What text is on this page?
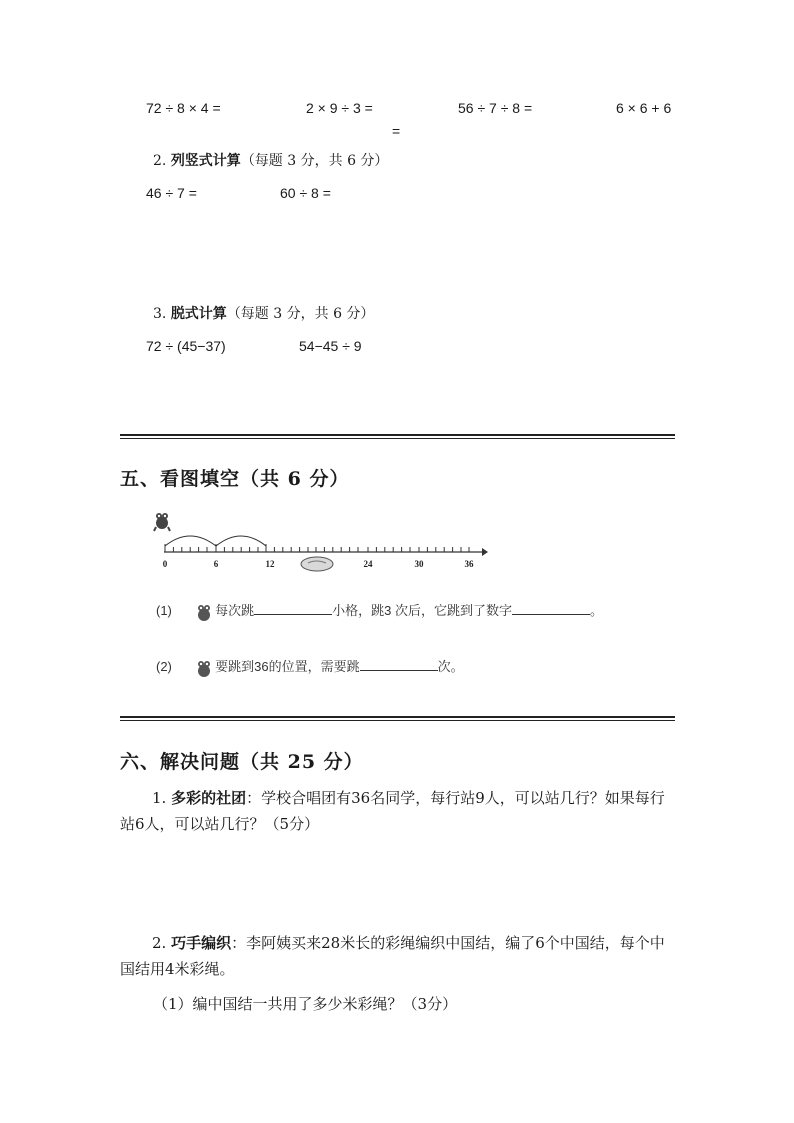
72 ÷ 8 × 4 =	2 × 9 ÷ 3 =	56 ÷ 7 ÷ 8 =	6 × 6 + 6
=
2. 列竖式计算（每题 3 分，共 6 分）
46 ÷ 7 =	60 ÷ 8 =
3. 脱式计算（每题 3 分，共 6 分）
72 ÷ (45−37)	54−45 ÷ 9
五、看图填空（共 6 分）
0	6	12	24	30	36
(1)	每次跳	小格，跳3 次后，它跳到了数字	。
(2)	要跳到36的位置，需要跳	次。
六、解决问题（共 25 分）
1. 多彩的社团：学校合唱团有36名同学，每行站9人，可以站几行？如果每行站6人，可以站几行？（5分）
2. 巧手编织：李阿姨买来28米长的彩绳编织中国结，编了6个中国结，每个中国结用4米彩绳。
（1）编中国结一共用了多少米彩绳？（3分）
